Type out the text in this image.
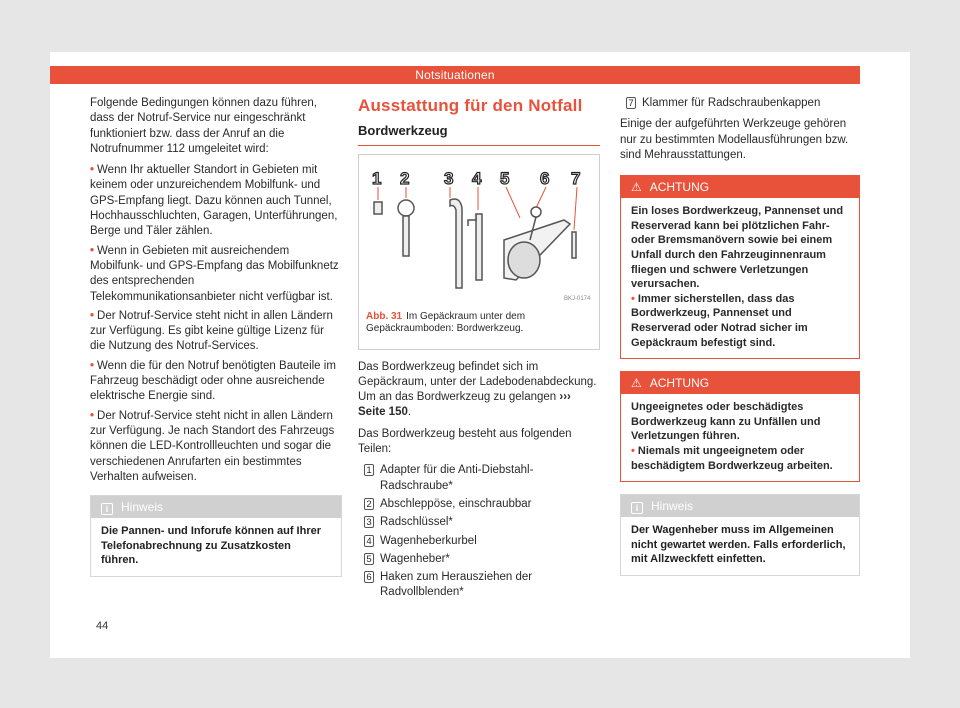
Notsituationen

Folgende Bedingungen können dazu führen, dass der Notruf-Service nur eingeschränkt funktioniert bzw. dass der Anruf an die Notrufnummer 112 umgeleitet wird:

• Wenn Ihr aktueller Standort in Gebieten mit keinem oder unzureichendem Mobilfunk- und GPS-Empfang liegt. Dazu können auch Tunnel, Hochhausschluchten, Garagen, Unterführungen, Berge und Täler zählen.
• Wenn in Gebieten mit ausreichendem Mobilfunk- und GPS-Empfang das Mobilfunknetz des entsprechenden Telekommunikationsanbieter nicht verfügbar ist.
• Der Notruf-Service steht nicht in allen Ländern zur Verfügung. Es gibt keine gültige Lizenz für die Nutzung des Notruf-Services.
• Wenn die für den Notruf benötigten Bauteile im Fahrzeug beschädigt oder ohne ausreichende elektrische Energie sind.
• Der Notruf-Service steht nicht in allen Ländern zur Verfügung. Je nach Standort des Fahrzeugs können die LED-Kontrollleuchten und sogar die verschiedenen Anrufarten ein bestimmtes Verhalten aufweisen.
i Hinweis
Die Pannen- und Inforufe können auf Ihrer Telefonabrechnung zu Zusatzkosten führen.
Ausstattung für den Notfall
Bordwerkzeug
1 2 3 4 5 6 7
BKJ-0174
Abb. 31 Im Gepäckraum unter dem Gepäckraumboden: Bordwerkzeug.

Das Bordwerkzeug befindet sich im Gepäckraum, unter der Ladebodenabdeckung. Um an das Bordwerkzeug zu gelangen ››› Seite 150.

Das Bordwerkzeug besteht aus folgenden Teilen:

1 Adapter für die Anti-Diebstahl-Radschraube*
2 Abschleppöse, einschraubbar
3 Radschlüssel*
4 Wagenheberkurbel
5 Wagenheber*
6 Haken zum Herausziehen der Radvollblenden*
7 Klammer für Radschraubenkappen

Einige der aufgeführten Werkzeuge gehören nur zu bestimmten Modellausführungen bzw. sind Mehrausstattungen.

⚠ ACHTUNG
Ein loses Bordwerkzeug, Pannenset und Reserverad kann bei plötzlichen Fahr- oder Bremsmanövern sowie bei einem Unfall durch den Fahrzeuginnenraum fliegen und schwere Verletzungen verursachen.
• Immer sicherstellen, dass das Bordwerkzeug, Pannenset und Reserverad oder Notrad sicher im Gepäckraum befestigt sind.
⚠ ACHTUNG
Ungeeignetes oder beschädigtes Bordwerkzeug kann zu Unfällen und Verletzungen führen.
• Niemals mit ungeeignetem oder beschädigtem Bordwerkzeug arbeiten.
i Hinweis
Der Wagenheber muss im Allgemeinen nicht gewartet werden. Falls erforderlich, mit Allzweckfett einfetten.
44
